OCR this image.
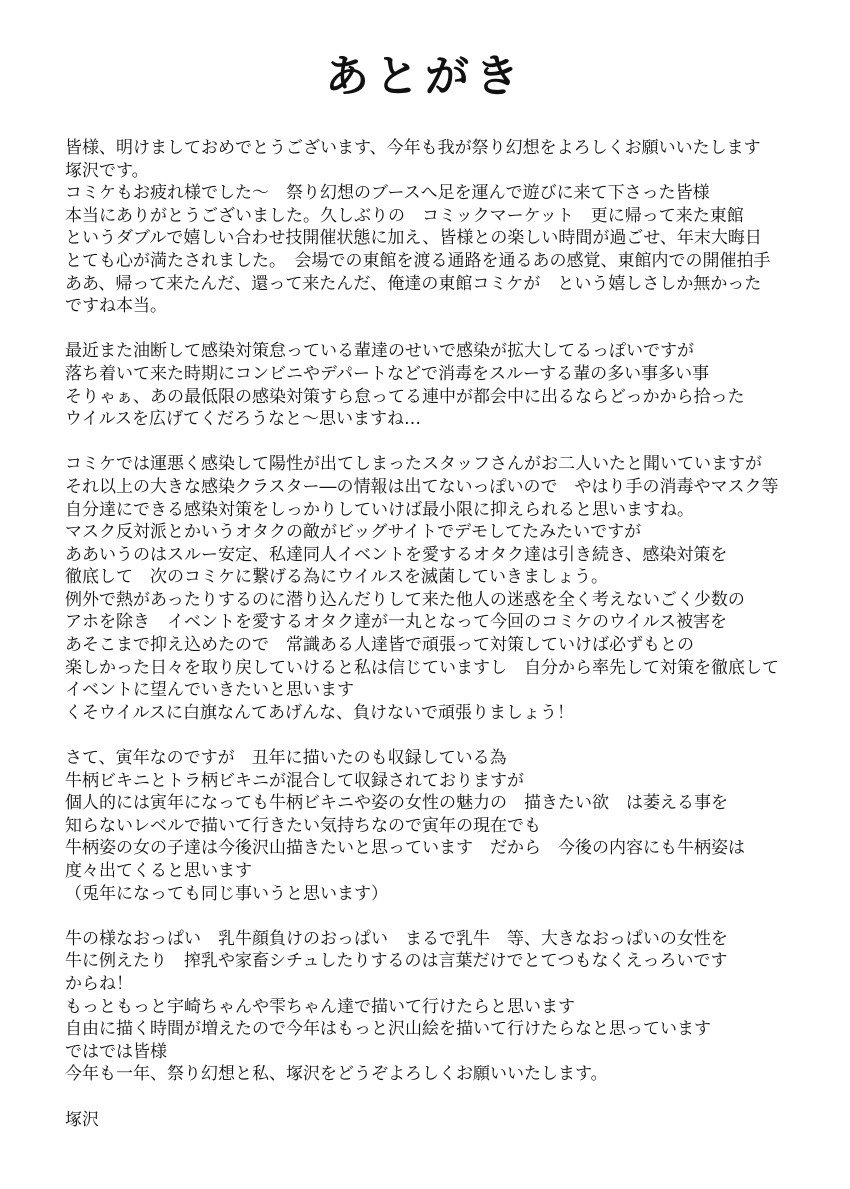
あとがき
皆様、明けましておめでとうございます、今年も我が祭り幻想をよろしくお願いいたします
塚沢です。
コミケもお疲れ様でした～　祭り幻想のブースへ足を運んで遊びに来て下さった皆様
本当にありがとうございました。久しぶりの　コミックマーケット　更に帰って来た東館
というダブルで嬉しい合わせ技開催状態に加え、皆様との楽しい時間が過ごせ、年末大晦日
とても心が満たされました。　会場での東館を渡る通路を通るあの感覚、東館内での開催拍手
ああ、帰って来たんだ、還って来たんだ、俺達の東館コミケが　という嬉しさしか無かった
ですね本当。
最近また油断して感染対策怠っている輩達のせいで感染が拡大してるっぽいですが
落ち着いて来た時期にコンビニやデパートなどで消毒をスルーする輩の多い事多い事
そりゃぁ、あの最低限の感染対策すら怠ってる連中が都会中に出るならどっかから拾った
ウイルスを広げてくだろうなと～思いますね…
コミケでは運悪く感染して陽性が出てしまったスタッフさんがお二人いたと聞いていますが
それ以上の大きな感染クラスター―の情報は出てないっぽいので　やはり手の消毒やマスク等
自分達にできる感染対策をしっかりしていけば最小限に抑えられると思いますね。
マスク反対派とかいうオタクの敵がビッグサイトでデモしてたみたいですが
ああいうのはスルー安定、私達同人イベントを愛するオタク達は引き続き、感染対策を
徹底して　次のコミケに繋げる為にウイルスを滅菌していきましょう。
例外で熱があったりするのに潜り込んだりして来た他人の迷惑を全く考えないごく少数の
アホを除き　イベントを愛するオタク達が一丸となって今回のコミケのウイルス被害を
あそこまで抑え込めたので　常識ある人達皆で頑張って対策していけば必ずもとの
楽しかった日々を取り戻していけると私は信じていますし　自分から率先して対策を徹底して
イベントに望んでいきたいと思います
くそウイルスに白旗なんてあげんな、負けないで頑張りましょう！
さて、寅年なのですが　丑年に描いたのも収録している為
牛柄ビキニとトラ柄ビキニが混合して収録されておりますが
個人的には寅年になっても牛柄ビキニや姿の女性の魅力の　描きたい欲　は萎える事を
知らないレベルで描いて行きたい気持ちなので寅年の現在でも
牛柄姿の女の子達は今後沢山描きたいと思っています　だから　今後の内容にも牛柄姿は
度々出てくると思います
（兎年になっても同じ事いうと思います）
牛の様なおっぱい　乳牛顔負けのおっぱい　まるで乳牛　等、大きなおっぱいの女性を
牛に例えたり　搾乳や家畜シチュしたりするのは言葉だけでとてつもなくえっろいです
からね！
もっともっと宇崎ちゃんや雫ちゃん達で描いて行けたらと思います
自由に描く時間が増えたので今年はもっと沢山絵を描いて行けたらなと思っています
ではでは皆様
今年も一年、祭り幻想と私、塚沢をどうぞよろしくお願いいたします。
塚沢
